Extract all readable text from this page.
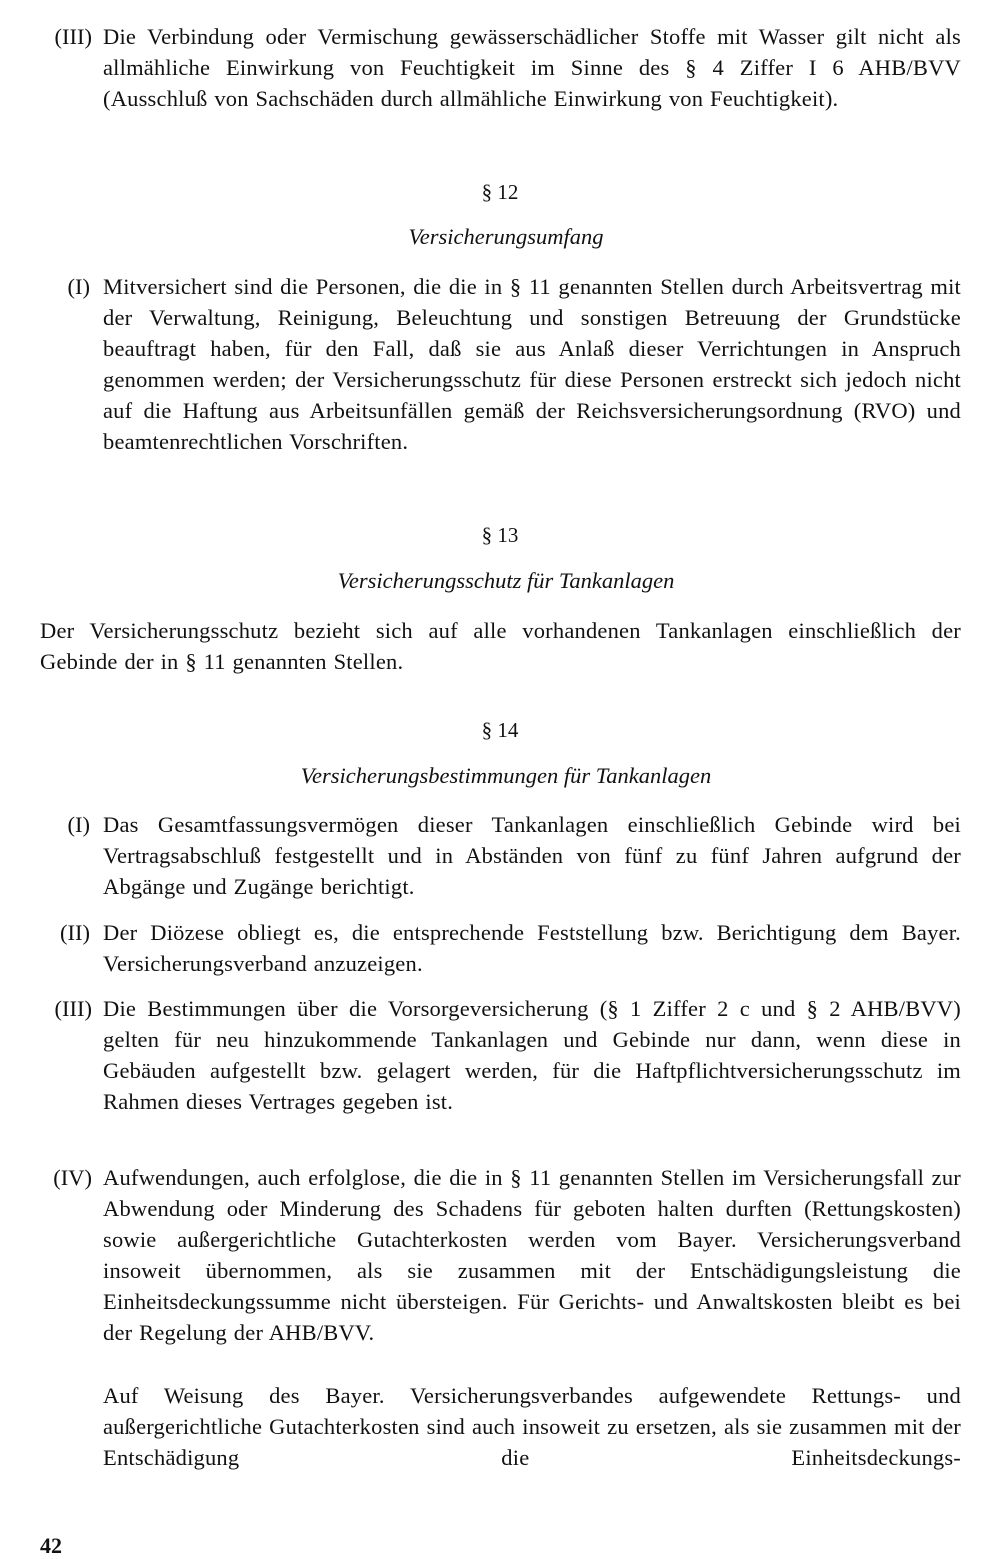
(III) Die Verbindung oder Vermischung gewässerschädlicher Stoffe mit Wasser gilt nicht als allmähliche Einwirkung von Feuchtigkeit im Sinne des § 4 Ziffer I 6 AHB/BVV (Ausschluß von Sachschäden durch allmähliche Einwirkung von Feuchtigkeit).
§ 12
Versicherungsumfang
(I) Mitversichert sind die Personen, die die in § 11 genannten Stellen durch Arbeitsvertrag mit der Verwaltung, Reinigung, Beleuchtung und sonstigen Betreuung der Grundstücke beauftragt haben, für den Fall, daß sie aus Anlaß dieser Verrichtungen in Anspruch genommen werden; der Versicherungsschutz für diese Personen erstreckt sich jedoch nicht auf die Haftung aus Arbeitsunfällen gemäß der Reichsversicherungsordnung (RVO) und beamtenrechtlichen Vorschriften.
§ 13
Versicherungsschutz für Tankanlagen
Der Versicherungsschutz bezieht sich auf alle vorhandenen Tankanlagen einschließlich der Gebinde der in § 11 genannten Stellen.
§ 14
Versicherungsbestimmungen für Tankanlagen
(I) Das Gesamtfassungsvermögen dieser Tankanlagen einschließlich Gebinde wird bei Vertragsabschluß festgestellt und in Abständen von fünf zu fünf Jahren aufgrund der Abgänge und Zugänge berichtigt.
(II) Der Diözese obliegt es, die entsprechende Feststellung bzw. Berichtigung dem Bayer. Versicherungsverband anzuzeigen.
(III) Die Bestimmungen über die Vorsorgeversicherung (§ 1 Ziffer 2 c und § 2 AHB/BVV) gelten für neu hinzukommende Tankanlagen und Gebinde nur dann, wenn diese in Gebäuden aufgestellt bzw. gelagert werden, für die Haftpflichtversicherungsschutz im Rahmen dieses Vertrages gegeben ist.
(IV) Aufwendungen, auch erfolglose, die die in § 11 genannten Stellen im Versicherungsfall zur Abwendung oder Minderung des Schadens für geboten halten durften (Rettungskosten) sowie außergerichtliche Gutachterkosten werden vom Bayer. Versicherungsverband insoweit übernommen, als sie zusammen mit der Entschädigungsleistung die Einheitsdeckungssumme nicht übersteigen. Für Gerichts- und Anwaltskosten bleibt es bei der Regelung der AHB/BVV.
Auf Weisung des Bayer. Versicherungsverbandes aufgewendete Rettungs- und außergerichtliche Gutachterkosten sind auch insoweit zu ersetzen, als sie zusammen mit der Entschädigung die Einheitsdeckungs-
42
